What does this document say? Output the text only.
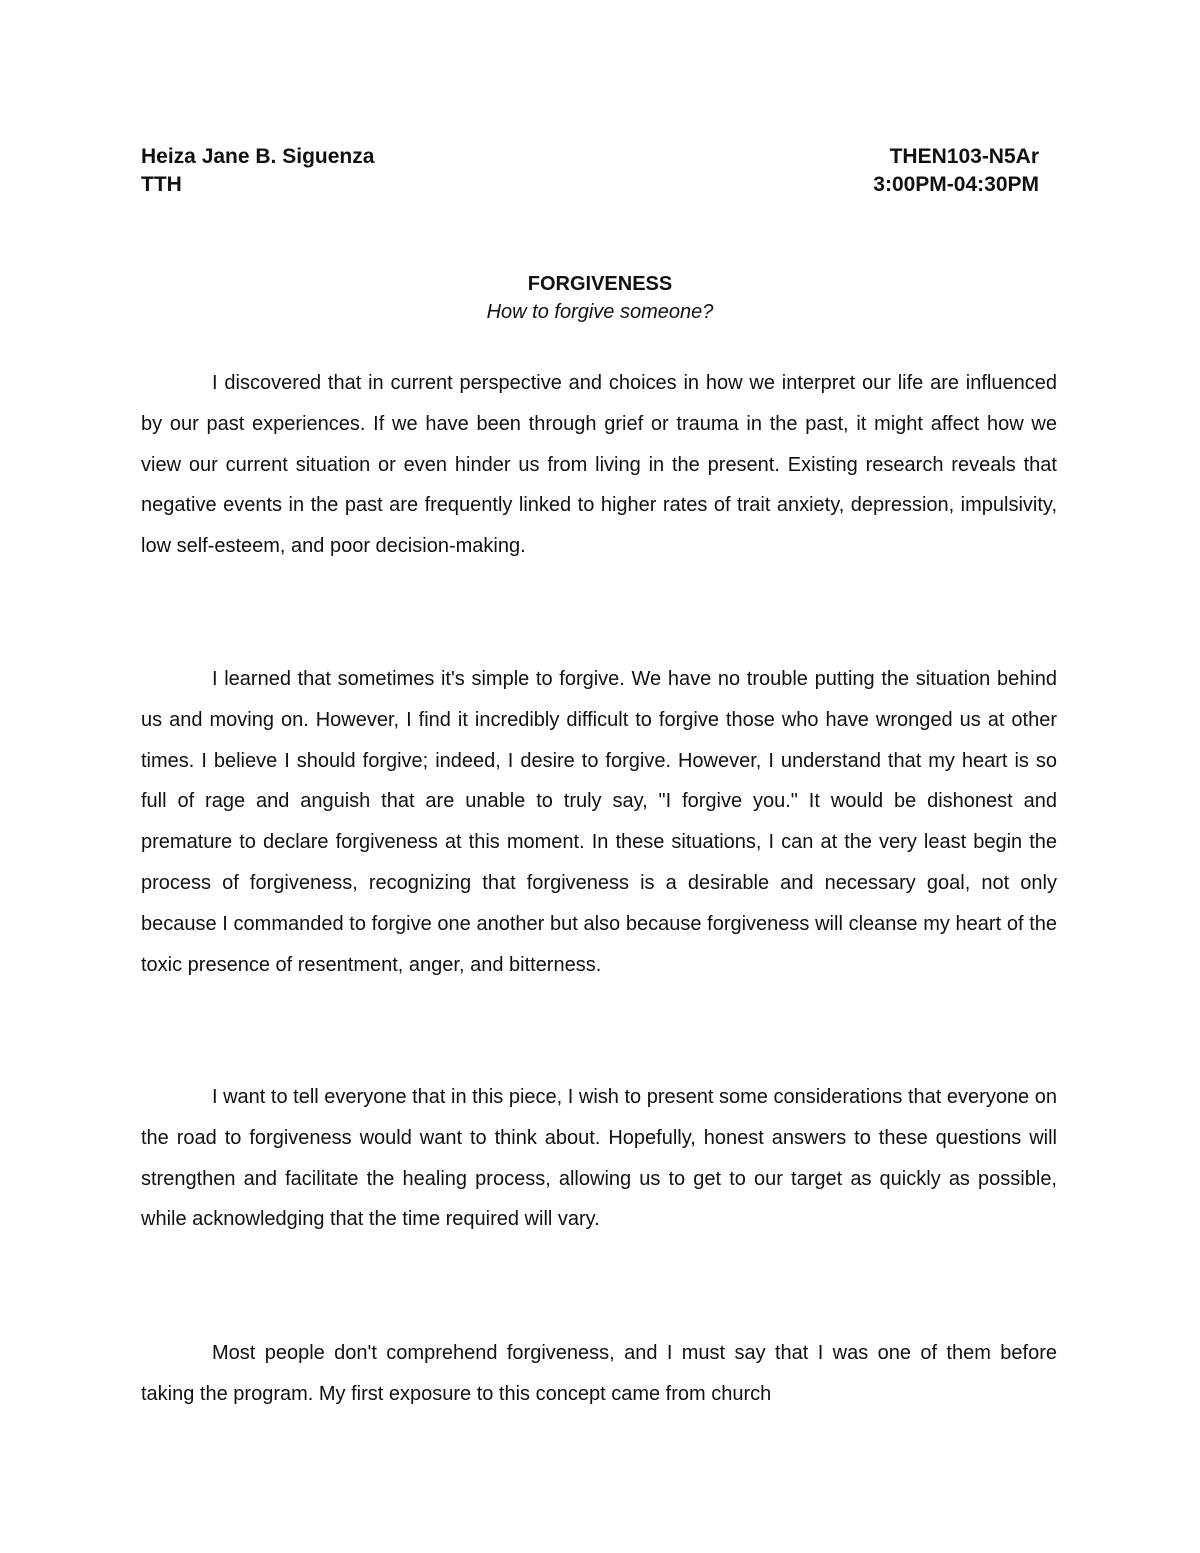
Heiza Jane B. Siguenza	THEN103-N5Ar
TTH	3:00PM-04:30PM
FORGIVENESS
How to forgive someone?

I discovered that in current perspective and choices in how we interpret our life are influenced by our past experiences. If we have been through grief or trauma in the past, it might affect how we view our current situation or even hinder us from living in the present. Existing research reveals that negative events in the past are frequently linked to higher rates of trait anxiety, depression, impulsivity, low self-esteem, and poor decision-making.

I learned that sometimes it's simple to forgive. We have no trouble putting the situation behind us and moving on. However, I find it incredibly difficult to forgive those who have wronged us at other times. I believe I should forgive; indeed, I desire to forgive. However, I understand that my heart is so full of rage and anguish that are unable to truly say, "I forgive you." It would be dishonest and premature to declare forgiveness at this moment. In these situations, I can at the very least begin the process of forgiveness, recognizing that forgiveness is a desirable and necessary goal, not only because I commanded to forgive one another but also because forgiveness will cleanse my heart of the toxic presence of resentment, anger, and bitterness.

I want to tell everyone that in this piece, I wish to present some considerations that everyone on the road to forgiveness would want to think about. Hopefully, honest answers to these questions will strengthen and facilitate the healing process, allowing us to get to our target as quickly as possible, while acknowledging that the time required will vary.

Most people don't comprehend forgiveness, and I must say that I was one of them before taking the program. My first exposure to this concept came from church
